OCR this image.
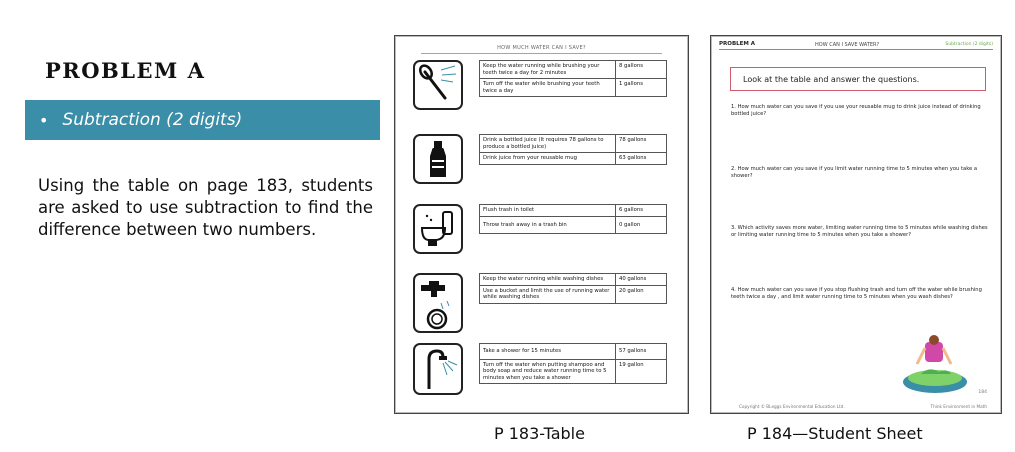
PROBLEM A
• Subtraction (2 digits)
Using the table on page 183, students are asked to use subtraction to find the difference between two numbers.
HOW MUCH WATER CAN I SAVE?
Keep the water running while brushing your teeth twice a day for 2 minutes	8 gallons
Turn off the water while brushing your teeth twice a day	1 gallons
Drink a bottled juice (It requires 78 gallons to produce a bottled juice)	78 gallons
Drink juice from your reusable mug	63 gallons
Flush trash in toilet	6 gallons
Throw trash away in a trash bin	0 gallon
Keep the water running while washing dishes	40 gallons
Use a bucket and limit the use of running water while washing dishes	20 gallon
Take a shower for 15 minutes	57 gallons
Turn off the water when putting shampoo and body soap and reduce water running time to 5 minutes when you take a shower	19 gallon
PROBLEM A	HOW CAN I SAVE WATER?	Subtraction (2 digits)
Look at the table and answer the questions.
1. How much water can you save if you use your reusable mug to drink juice instead of drinking bottled juice?
2. How much water can you save if you limit water running time to 5 minutes when you take a shower?
3. Which activity saves more water, limiting water running time to 5 minutes while washing dishes or limiting water running time to 5 minutes when you take a shower?
4. How much water can you save if you stop flushing trash and turn off the water while brushing teeth twice a day , and limit water running time to 5 minutes when you wash dishes?
184
Copyright © BLeggs Environmental Education Ltd.	Think Environment in Math
P 183-Table	P 184—Student Sheet
